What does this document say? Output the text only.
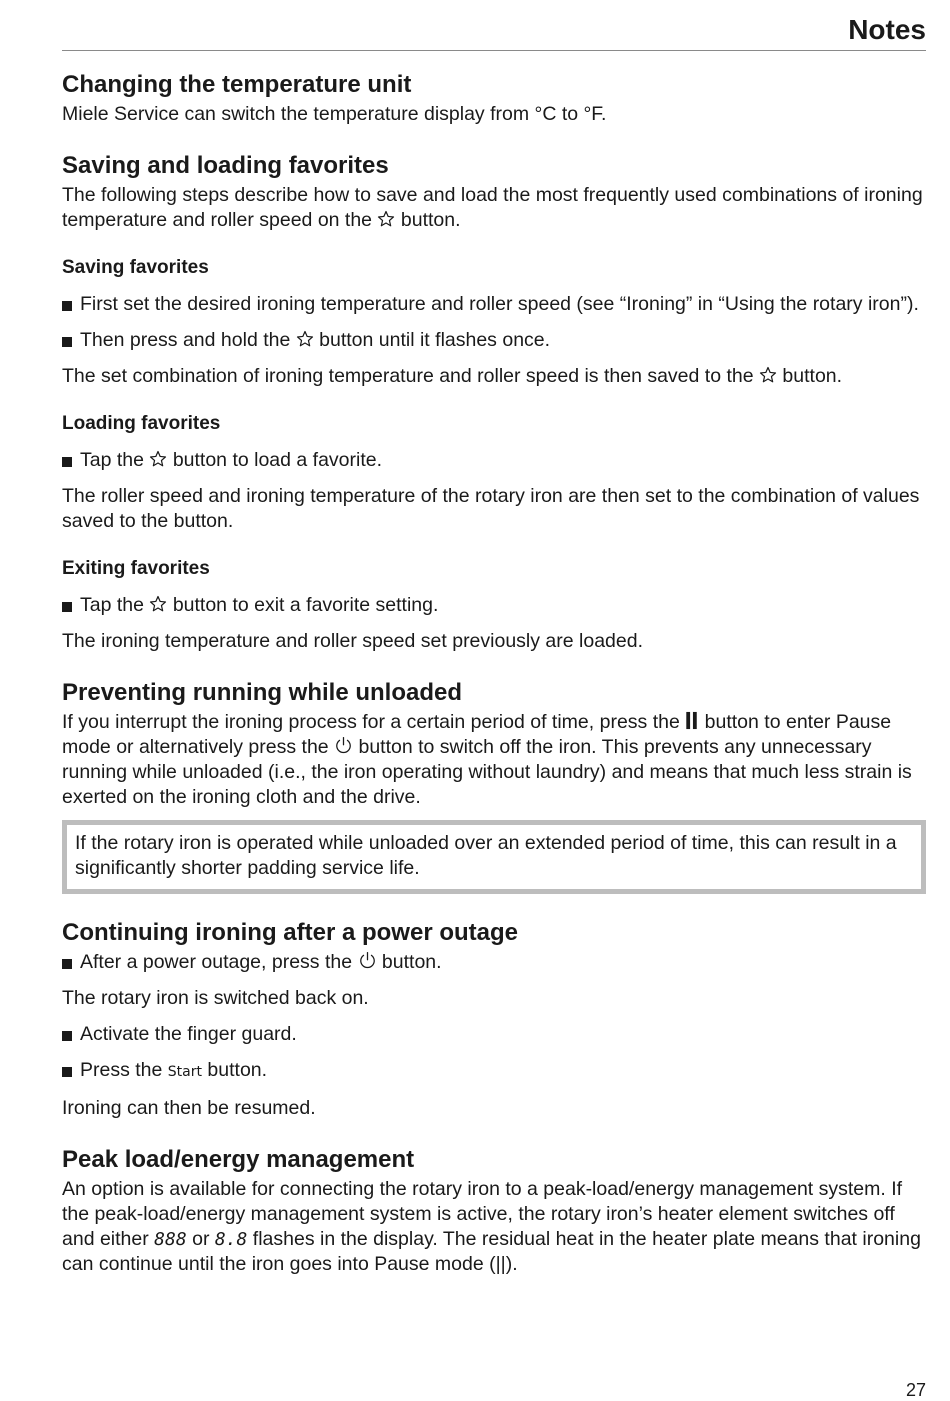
Notes
Changing the temperature unit

Miele Service can switch the temperature display from °C to °F.

Saving and loading favorites

The following steps describe how to save and load the most frequently used combinations of ironing temperature and roller speed on the button.

Saving favorites
First set the desired ironing temperature and roller speed (see “Ironing” in “Using the rotary iron”).
Then press and hold the button until it flashes once.

The set combination of ironing temperature and roller speed is then saved to the button.

Loading favorites
Tap the button to load a favorite.

The roller speed and ironing temperature of the rotary iron are then set to the combination of values saved to the button.

Exiting favorites
Tap the button to exit a favorite setting.

The ironing temperature and roller speed set previously are loaded.

Preventing running while unloaded

If you interrupt the ironing process for a certain period of time, press the button to enter Pause mode or alternatively press the button to switch off the iron. This prevents any unnecessary running while unloaded (i.e., the iron operating without laundry) and means that much less strain is exerted on the ironing cloth and the drive.

If the rotary iron is operated while unloaded over an extended period of time, this can result in a significantly shorter padding service life.

Continuing ironing after a power outage
After a power outage, press the button.

The rotary iron is switched back on.

Activate the finger guard.
Press the Start button.

Ironing can then be resumed.

Peak load/energy management

An option is available for connecting the rotary iron to a peak-load/energy management system. If the peak-load/energy management system is active, the rotary iron’s heater element switches off and either 888 or 8.8 flashes in the display. The residual heat in the heater plate means that ironing can continue until the iron goes into Pause mode (||).

27
